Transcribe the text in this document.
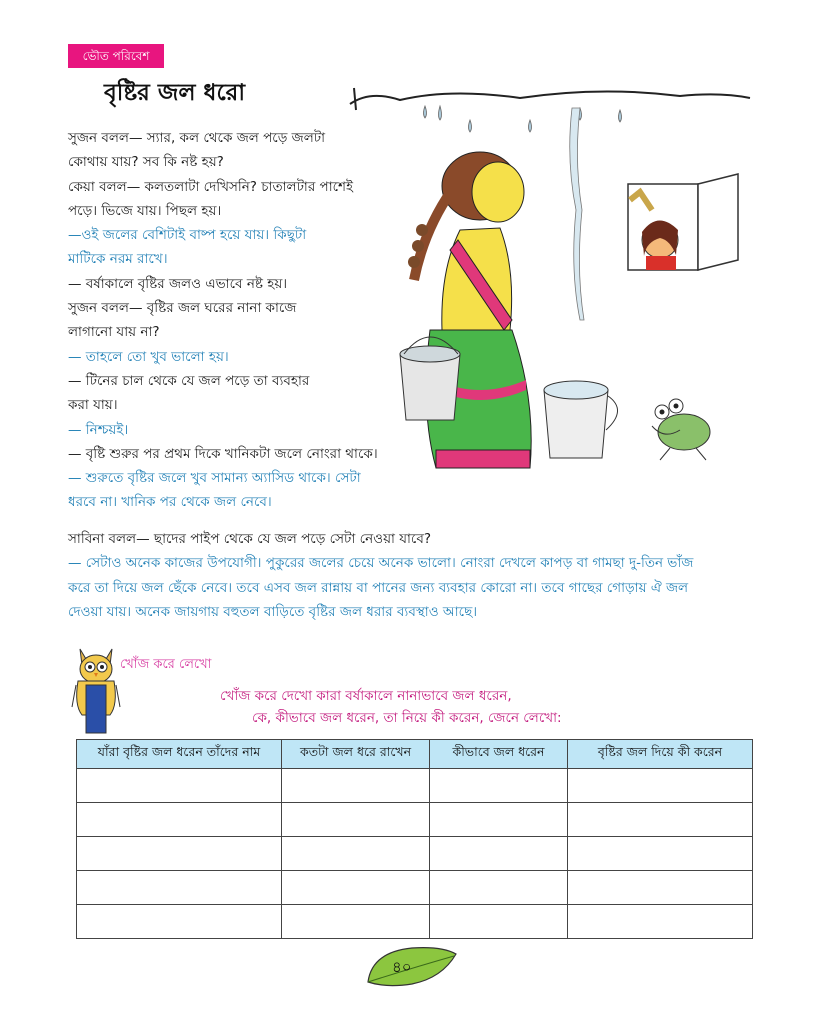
ভৌত পরিবেশ
বৃষ্টির জল ধরো
সুজন বলল— স্যার, কল থেকে জল পড়ে জলটা
কোথায় যায়? সব কি নষ্ট হয়?
কেয়া বলল— কলতলাটা দেখিসনি? চাতালটার পাশেই
পড়ে। ভিজে যায়। পিছল হয়।
—ওই জলের বেশিটাই বাষ্প হয়ে যায়। কিছুটা
মাটিকে নরম রাখে।
— বর্ষাকালে বৃষ্টির জলও এভাবে নষ্ট হয়।
সুজন বলল— বৃষ্টির জল ঘরের নানা কাজে
লাগানো যায় না?
— তাহলে তো খুব ভালো হয়।
— টিনের চাল থেকে যে জল পড়ে তা ব্যবহার
করা যায়।
— নিশ্চয়ই।
— বৃষ্টি শুরুর পর প্রথম দিকে খানিকটা জলে নোংরা থাকে।
— শুরুতে বৃষ্টির জলে খুব সামান্য অ্যাসিড থাকে। সেটা
ধরবে না। খানিক পর থেকে জল নেবে।
সাবিনা বলল— ছাদের পাইপ থেকে যে জল পড়ে সেটা নেওয়া যাবে?
— সেটাও অনেক কাজের উপযোগী। পুকুরের জলের চেয়ে অনেক ভালো। নোংরা দেখলে কাপড় বা গামছা দু-তিন ভাঁজ
করে তা দিয়ে জল ছেঁকে নেবে। তবে এসব জল রান্নায় বা পানের জন্য ব্যবহার কোরো না। তবে গাছের গোড়ায় ঐ জল
দেওয়া যায়। অনেক জায়গায় বহুতল বাড়িতে বৃষ্টির জল ধরার ব্যবস্থাও আছে।
খোঁজ করে লেখো
খোঁজ করে দেখো কারা বর্ষাকালে নানাভাবে জল ধরেন,
কে, কীভাবে জল ধরেন, তা নিয়ে কী করেন, জেনে লেখো:
যাঁরা বৃষ্টির জল ধরেন তাঁদের নাম	কতটা জল ধরে রাখেন	কীভাবে জল ধরেন	বৃষ্টির জল দিয়ে কী করেন

৪০
